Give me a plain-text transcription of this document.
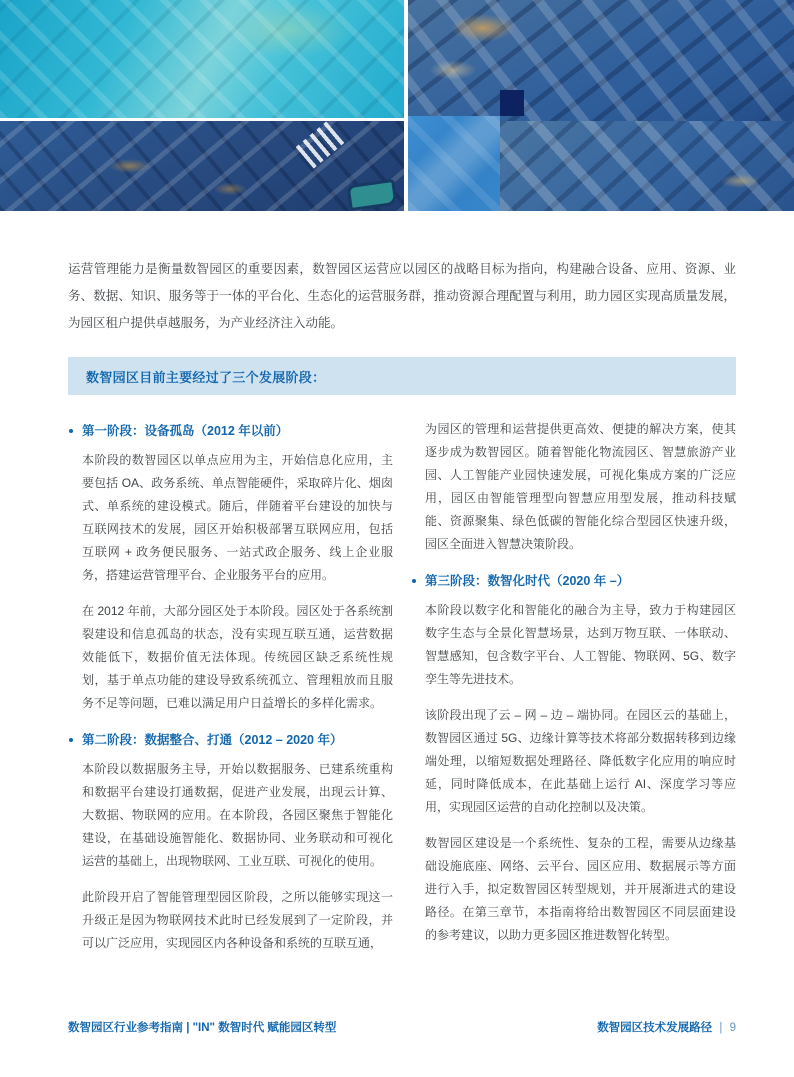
运营管理能力是衡量数智园区的重要因素，数智园区运营应以园区的战略目标为指向，构建融合设备、应用、资源、业务、数据、知识、服务等于一体的平台化、生态化的运营服务群，推动资源合理配置与利用，助力园区实现高质量发展，为园区租户提供卓越服务，为产业经济注入动能。

数智园区目前主要经过了三个发展阶段：
第一阶段：设备孤岛（2012 年以前）

本阶段的数智园区以单点应用为主，开始信息化应用，主要包括 OA、政务系统、单点智能硬件，采取碎片化、烟囱式、单系统的建设模式。随后，伴随着平台建设的加快与互联网技术的发展，园区开始积极部署互联网应用，包括互联网 + 政务便民服务、一站式政企服务、线上企业服务，搭建运营管理平台、企业服务平台的应用。

在 2012 年前，大部分园区处于本阶段。园区处于各系统割裂建设和信息孤岛的状态，没有实现互联互通，运营数据效能低下，数据价值无法体现。传统园区缺乏系统性规划，基于单点功能的建设导致系统孤立、管理粗放而且服务不足等问题，已难以满足用户日益增长的多样化需求。

第二阶段：数据整合、打通（2012 – 2020 年）

本阶段以数据服务主导，开始以数据服务、已建系统重构和数据平台建设打通数据，促进产业发展，出现云计算、大数据、物联网的应用。在本阶段，各园区聚焦于智能化建设，在基础设施智能化、数据协同、业务联动和可视化运营的基础上，出现物联网、工业互联、可视化的使用。

此阶段开启了智能管理型园区阶段，之所以能够实现这一升级正是因为物联网技术此时已经发展到了一定阶段，并可以广泛应用，实现园区内各种设备和系统的互联互通，

为园区的管理和运营提供更高效、便捷的解决方案，使其逐步成为数智园区。随着智能化物流园区、智慧旅游产业园、人工智能产业园快速发展，可视化集成方案的广泛应用，园区由智能管理型向智慧应用型发展，推动科技赋能、资源聚集、绿色低碳的智能化综合型园区快速升级，园区全面进入智慧决策阶段。

第三阶段：数智化时代（2020 年 –）

本阶段以数字化和智能化的融合为主导，致力于构建园区数字生态与全景化智慧场景，达到万物互联、一体联动、智慧感知，包含数字平台、人工智能、物联网、5G、数字孪生等先进技术。

该阶段出现了云 – 网 – 边 – 端协同。在园区云的基础上，数智园区通过 5G、边缘计算等技术将部分数据转移到边缘端处理，以缩短数据处理路径、降低数字化应用的响应时延，同时降低成本，在此基础上运行 AI、深度学习等应用，实现园区运营的自动化控制以及决策。

数智园区建设是一个系统性、复杂的工程，需要从边缘基础设施底座、网络、云平台、园区应用、数据展示等方面进行入手，拟定数智园区转型规划，并开展渐进式的建设路径。在第三章节，本指南将给出数智园区不同层面建设的参考建议，以助力更多园区推进数智化转型。

数智园区行业参考指南 | "IN" 数智时代 赋能园区转型	数智园区技术发展路径 | 9
